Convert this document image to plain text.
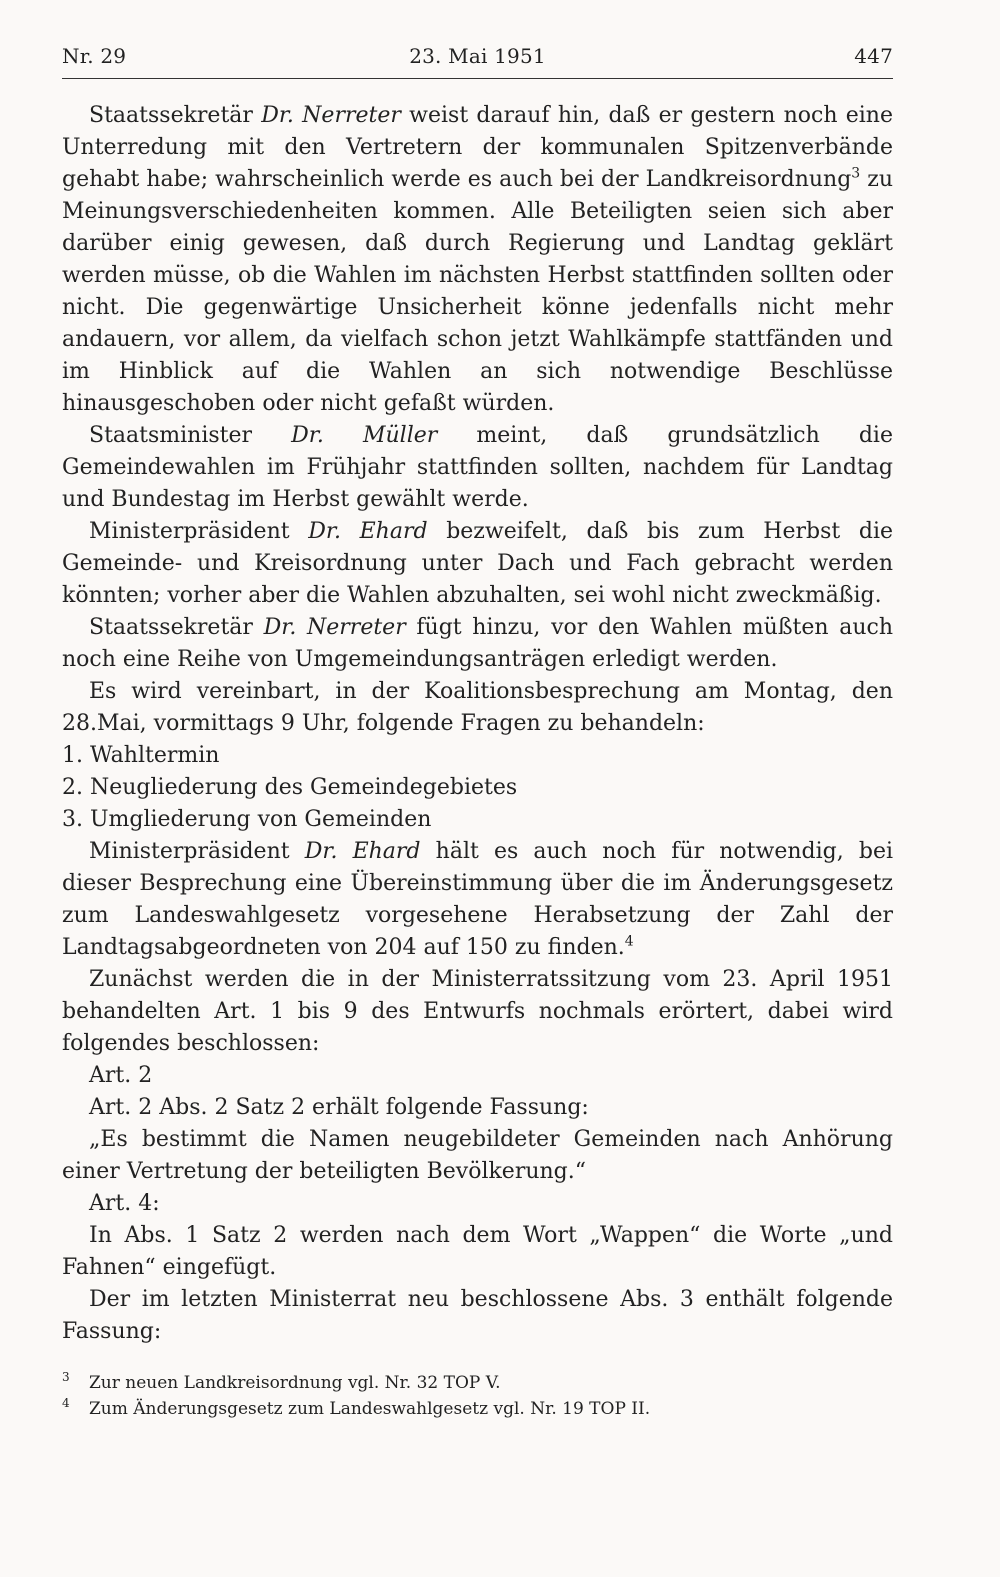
Nr. 29	23. Mai 1951	447

Staatssekretär Dr. Nerreter weist darauf hin, daß er gestern noch eine Unterredung mit den Vertretern der kommunalen Spitzenverbände gehabt habe; wahrscheinlich werde es auch bei der Landkreisordnung$^3$ zu Meinungsverschiedenheiten kommen. Alle Beteiligten seien sich aber darüber einig gewesen, daß durch Regierung und Landtag geklärt werden müsse, ob die Wahlen im nächsten Herbst stattfinden sollten oder nicht. Die gegenwärtige Unsicherheit könne jedenfalls nicht mehr andauern, vor allem, da vielfach schon jetzt Wahlkämpfe stattfänden und im Hinblick auf die Wahlen an sich notwendige Beschlüsse hinausgeschoben oder nicht gefaßt würden.

Staatsminister Dr. Müller meint, daß grundsätzlich die Gemeindewahlen im Frühjahr stattfinden sollten, nachdem für Landtag und Bundestag im Herbst gewählt werde.

Ministerpräsident Dr. Ehard bezweifelt, daß bis zum Herbst die Gemeinde- und Kreisordnung unter Dach und Fach gebracht werden könnten; vorher aber die Wahlen abzuhalten, sei wohl nicht zweckmäßig.

Staatssekretär Dr. Nerreter fügt hinzu, vor den Wahlen müßten auch noch eine Reihe von Umgemeindungsanträgen erledigt werden.

Es wird vereinbart, in der Koalitionsbesprechung am Montag, den 28.Mai, vormittags 9 Uhr, folgende Fragen zu behandeln:

1. Wahltermin

2. Neugliederung des Gemeindegebietes

3. Umgliederung von Gemeinden

Ministerpräsident Dr. Ehard hält es auch noch für notwendig, bei dieser Besprechung eine Übereinstimmung über die im Änderungsgesetz zum Landeswahlgesetz vorgesehene Herabsetzung der Zahl der Landtagsabgeordneten von 204 auf 150 zu finden.$^4$

Zunächst werden die in der Ministerratssitzung vom 23. April 1951 behandelten Art. 1 bis 9 des Entwurfs nochmals erörtert, dabei wird folgendes beschlossen:

Art. 2

Art. 2 Abs. 2 Satz 2 erhält folgende Fassung:

„Es bestimmt die Namen neugebildeter Gemeinden nach Anhörung einer Vertretung der beteiligten Bevölkerung.“

Art. 4:

In Abs. 1 Satz 2 werden nach dem Wort „Wappen“ die Worte „und Fahnen“ eingefügt.

Der im letzten Ministerrat neu beschlossene Abs. 3 enthält folgende Fassung:

3 Zur neuen Landkreisordnung vgl. Nr. 32 TOP V.

4 Zum Änderungsgesetz zum Landeswahlgesetz vgl. Nr. 19 TOP II.
